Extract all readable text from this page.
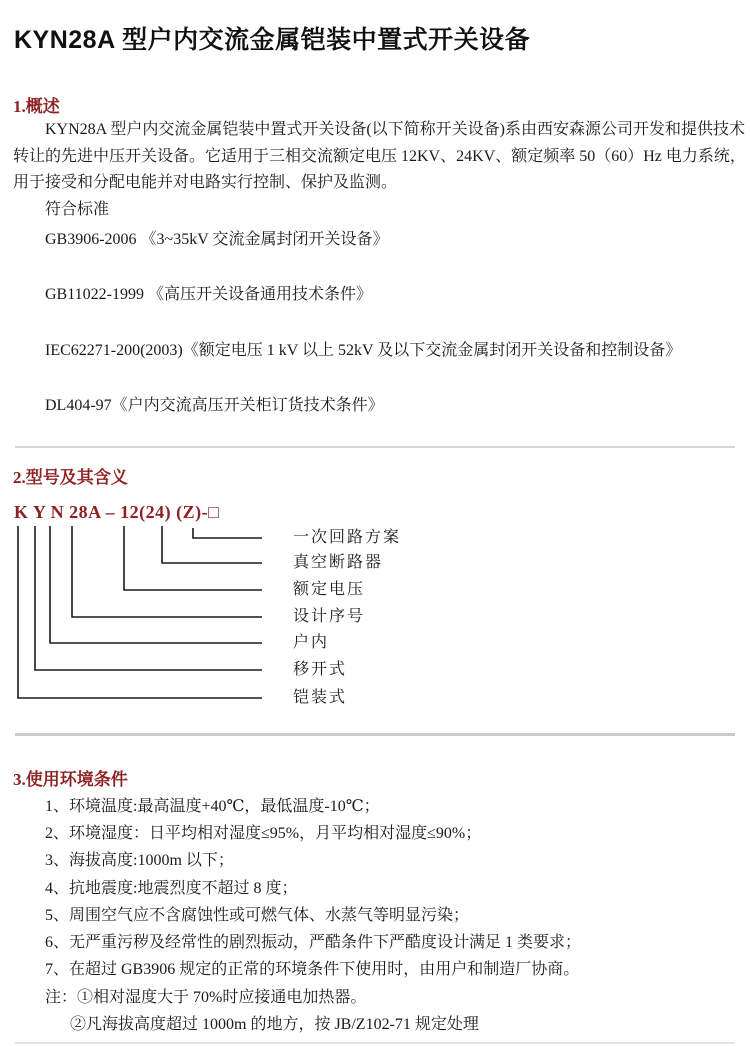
KYN28A 型户内交流金属铠装中置式开关设备
1.概述
KYN28A 型户内交流金属铠装中置式开关设备(以下简称开关设备)系由西安森源公司开发和提供技术
转让的先进中压开关设备。它适用于三相交流额定电压 12KV、24KV、额定频率 50（60）Hz 电力系统，
用于接受和分配电能并对电路实行控制、保护及监测。
符合标准
GB3906-2006 《3~35kV 交流金属封闭开关设备》
GB11022-1999 《高压开关设备通用技术条件》
IEC62271-200(2003)《额定电压 1 kV 以上 52kV 及以下交流金属封闭开关设备和控制设备》
DL404-97《户内交流高压开关柜订货技术条件》
2.型号及其含义
K Y N 28A – 12(24) (Z)-□
一次回路方案
真空断路器
额定电压
设计序号
户内
移开式
铠装式
3.使用环境条件
1、环境温度:最高温度+40℃，最低温度-10℃；
2、环境湿度：日平均相对湿度≤95%，月平均相对湿度≤90%；
3、海拔高度:1000m 以下；
4、抗地震度:地震烈度不超过 8 度；
5、周围空气应不含腐蚀性或可燃气体、水蒸气等明显污染；
6、无严重污秽及经常性的剧烈振动，严酷条件下严酷度设计满足 1 类要求；
7、在超过 GB3906 规定的正常的环境条件下使用时，由用户和制造厂协商。
注：①相对湿度大于 70%时应接通电加热器。
②凡海拔高度超过 1000m 的地方，按 JB/Z102-71 规定处理
